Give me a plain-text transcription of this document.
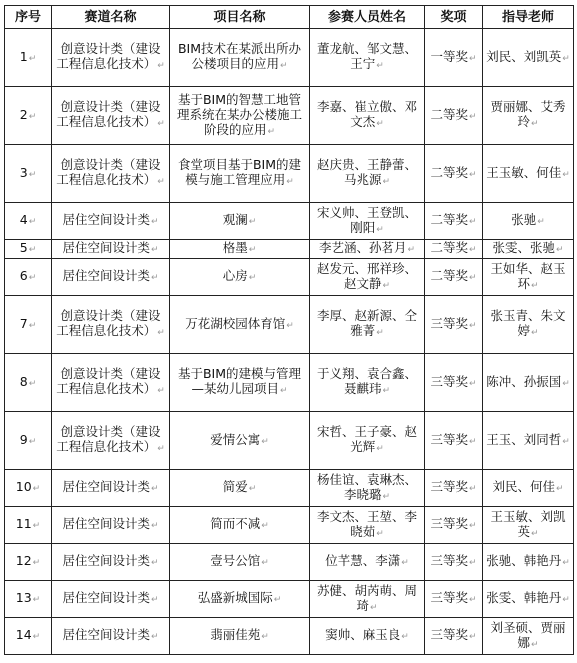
序号	赛道名称	项目名称	参赛人员姓名	奖项	指导老师
1↵	创意设计类（建设工程信息化技术）↵	BIM技术在某派出所办公楼项目的应用↵	董龙航、邹文慧、王宁↵	一等奖↵	刘民、刘凯英↵
2↵	创意设计类（建设工程信息化技术）↵	基于BIM的智慧工地管理系统在某办公楼施工阶段的应用↵	李嘉、崔立傲、邓文杰↵	二等奖↵	贾丽娜、艾秀玲↵
3↵	创意设计类（建设工程信息化技术）↵	食堂项目基于BIM的建模与施工管理应用↵	赵庆贵、王静蕾、马兆源↵	二等奖↵	王玉敏、何佳↵
4↵	居住空间设计类↵	观澜↵	宋义帅、王登凯、刚阳↵	二等奖↵	张驰↵
5↵	居住空间设计类↵	格墨↵	李艺涵、孙茗月↵	二等奖↵	张雯、张驰↵
6↵	居住空间设计类↵	心房↵	赵发元、邢祥珍、赵文静↵	二等奖↵	王如华、赵玉环↵
7↵	创意设计类（建设工程信息化技术）↵	万花湖校园体育馆↵	李厚、赵新源、仝雅菁↵	三等奖↵	张玉青、朱文婷↵
8↵	创意设计类（建设工程信息化技术）↵	基于BIM的建模与管理—某幼儿园项目↵	于义翔、袁合鑫、聂麒玮↵	三等奖↵	陈冲、孙振国↵
9↵	创意设计类（建设工程信息化技术）↵	爱情公寓↵	宋哲、王子豪、赵光辉↵	三等奖↵	王玉、刘同哲↵
10↵	居住空间设计类↵	简爱↵	杨佳谊、袁琳杰、李晓璐↵	三等奖↵	刘民、何佳↵
11↵	居住空间设计类↵	简而不减↵	李文杰、王堃、李晓茹↵	三等奖↵	王玉敏、刘凯英↵
12↵	居住空间设计类↵	壹号公馆↵	位芊慧、李潇↵	三等奖↵	张驰、韩艳丹↵
13↵	居住空间设计类↵	弘盛新城国际↵	苏健、胡芮萌、周琦↵	三等奖↵	张雯、韩艳丹↵
14↵	居住空间设计类↵	翡丽佳苑↵	窦帅、麻玉良↵	三等奖↵	刘圣硕、贾丽娜↵
